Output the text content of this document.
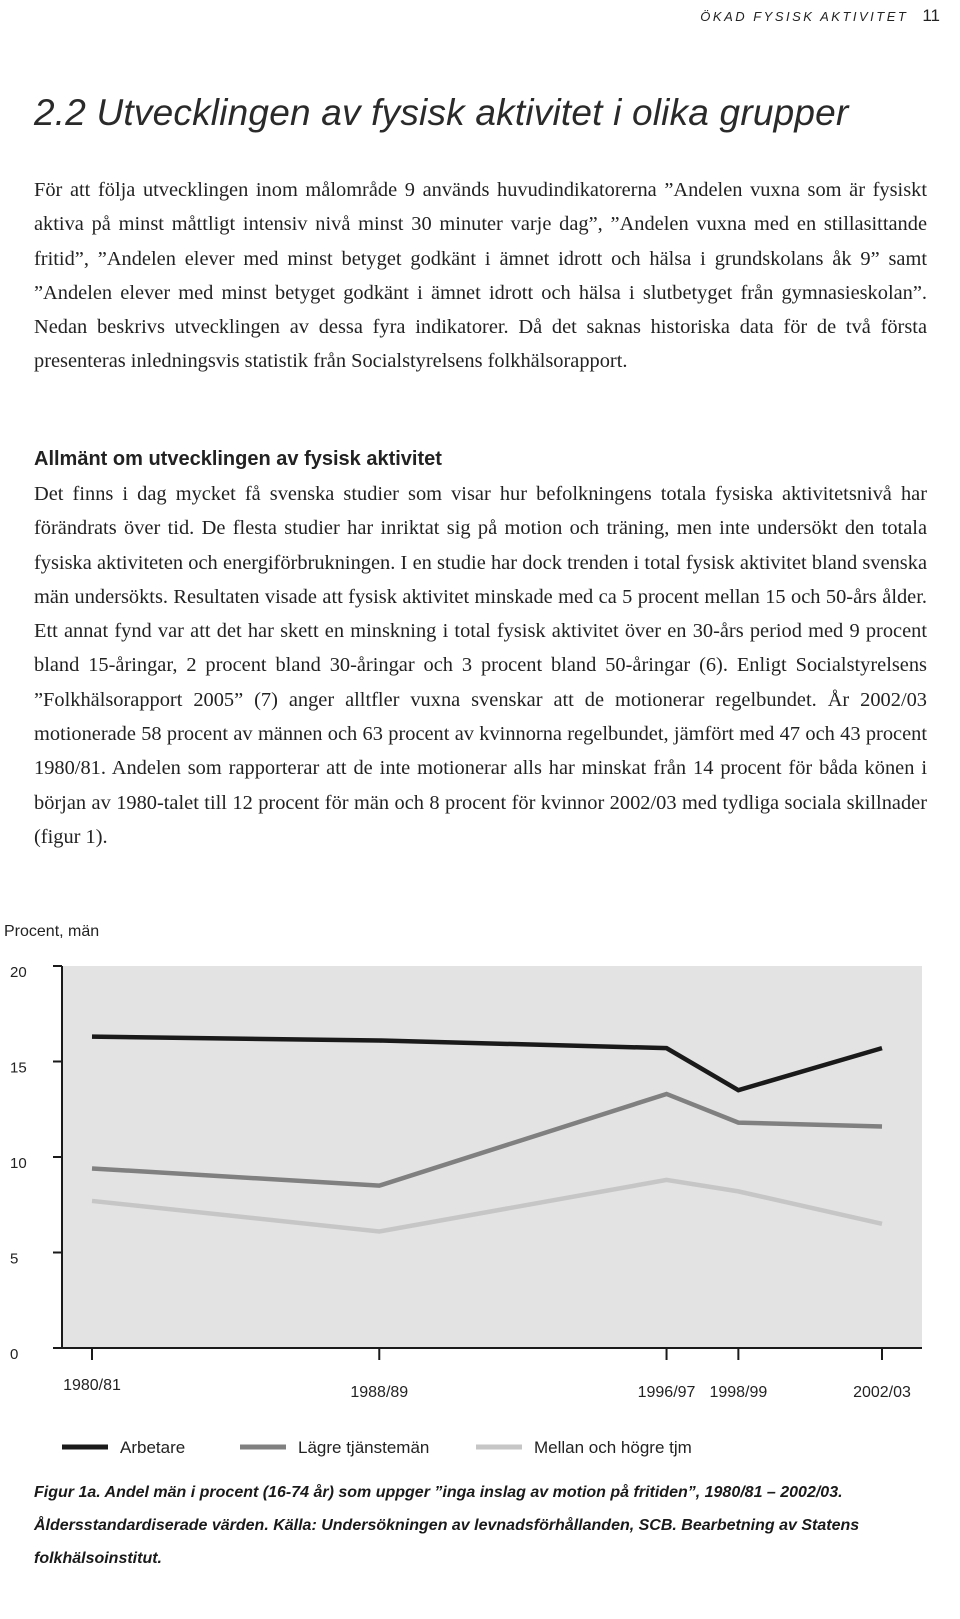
ÖKAD FYSISK AKTIVITET 11
2.2 Utvecklingen av fysisk aktivitet i olika grupper

För att följa utvecklingen inom målområde 9 används huvudindikatorerna ”Andelen vuxna som är fysiskt aktiva på minst måttligt intensiv nivå minst 30 minuter varje dag”, ”Andelen vuxna med en stillasittande fritid”, ”Andelen elever med minst betyget godkänt i ämnet idrott och hälsa i grundskolans åk 9” samt ”Andelen elever med minst betyget godkänt i ämnet idrott och hälsa i slutbetyget från gymnasieskolan”. Nedan beskrivs utvecklingen av dessa fyra indikatorer. Då det saknas historiska data för de två första presenteras inledningsvis statistik från Socialstyrelsens folkhälsorapport.

Allmänt om utvecklingen av fysisk aktivitet

Det finns i dag mycket få svenska studier som visar hur befolkningens totala fysiska aktivitetsnivå har förändrats över tid. De flesta studier har inriktat sig på motion och träning, men inte undersökt den totala fysiska aktiviteten och energiförbrukningen. I en studie har dock trenden i total fysisk aktivitet bland svenska män undersökts. Resultaten visade att fysisk aktivitet minskade med ca 5 procent mellan 15 och 50-års ålder. Ett annat fynd var att det har skett en minskning i total fysisk aktivitet över en 30-års period med 9 procent bland 15-åringar, 2 procent bland 30-åringar och 3 procent bland 50-åringar (6). Enligt Socialstyrelsens ”Folkhälsorapport 2005” (7) anger alltfler vuxna svenskar att de motionerar regelbundet. År 2002/03 motionerade 58 procent av männen och 63 procent av kvinnorna regelbundet, jämfört med 47 och 43 procent 1980/81. Andelen som rapporterar att de inte motionerar alls har minskat från 14 procent för båda könen i början av 1980-talet till 12 procent för män och 8 procent för kvinnor 2002/03 med tydliga sociala skillnader (figur 1).

Procent, män
0
5
10
15
20
1980/81	1988/89	1996/97 1998/99	2002/03
Arbetare	Lägre tjänstemän	Mellan och högre tjm

Figur 1a. Andel män i procent (16-74 år) som uppger ”inga inslag av motion på fritiden”, 1980/81 – 2002/03.
Åldersstandardiserade värden. Källa: Undersökningen av levnadsförhållanden, SCB. Bearbetning av Statens folkhälsoinstitut.
